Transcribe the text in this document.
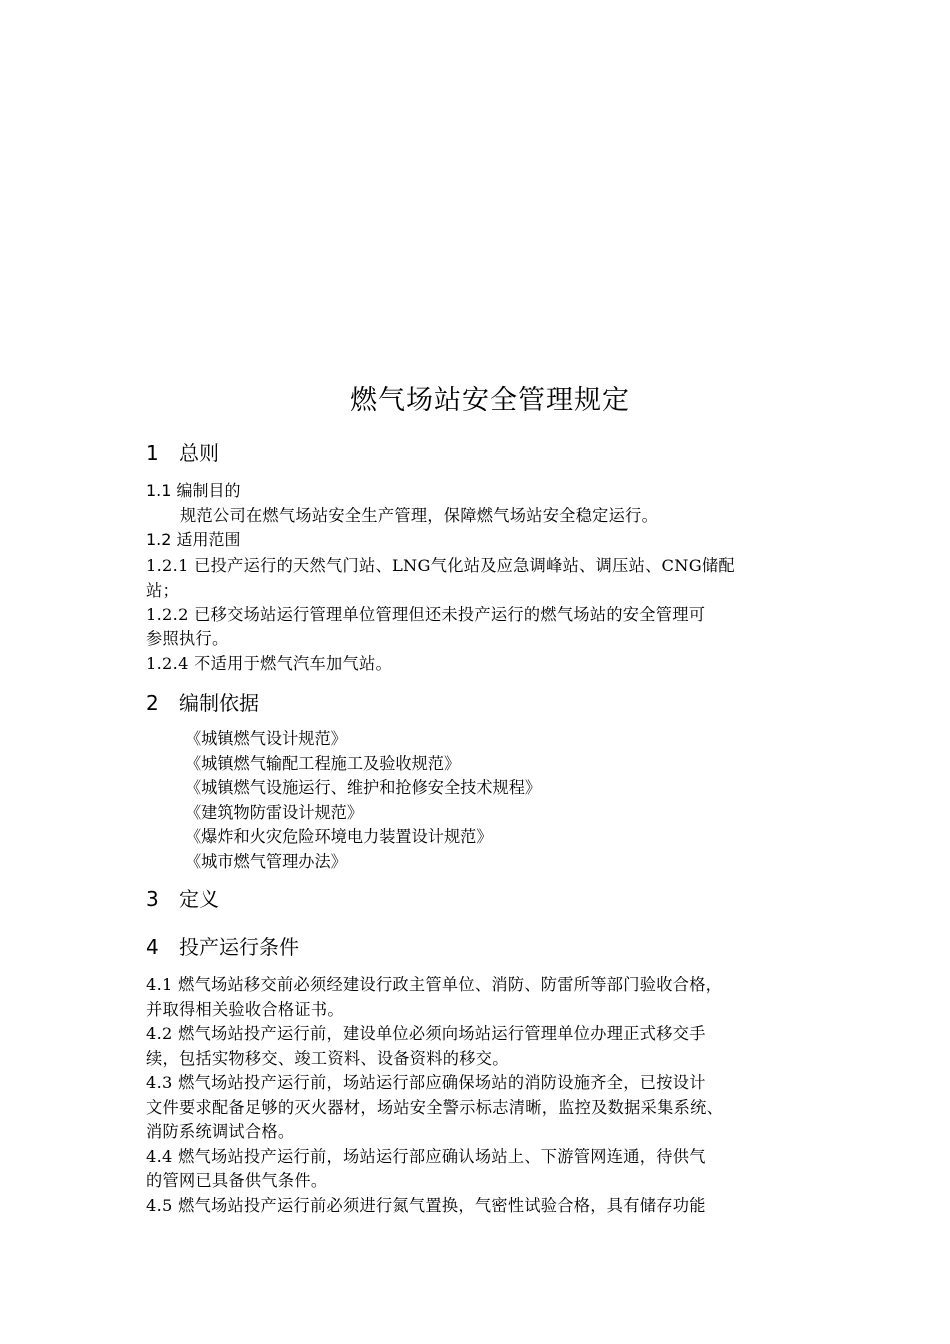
燃气场站安全管理规定
1 总则
1.1 编制目的
规范公司在燃气场站安全生产管理，保障燃气场站安全稳定运行。
1.2 适用范围
1.2.1 已投产运行的天然气门站、LNG气化站及应急调峰站、调压站、CNG储配
站；
1.2.2 已移交场站运行管理单位管理但还未投产运行的燃气场站的安全管理可
参照执行。
1.2.4 不适用于燃气汽车加气站。
2 编制依据
《城镇燃气设计规范》
《城镇燃气输配工程施工及验收规范》
《城镇燃气设施运行、维护和抢修安全技术规程》
《建筑物防雷设计规范》
《爆炸和火灾危险环境电力装置设计规范》
《城市燃气管理办法》
3 定义
4 投产运行条件
4.1 燃气场站移交前必须经建设行政主管单位、消防、防雷所等部门验收合格，
并取得相关验收合格证书。
4.2 燃气场站投产运行前，建设单位必须向场站运行管理单位办理正式移交手
续，包括实物移交、竣工资料、设备资料的移交。
4.3 燃气场站投产运行前，场站运行部应确保场站的消防设施齐全，已按设计
文件要求配备足够的灭火器材，场站安全警示标志清晰，监控及数据采集系统、
消防系统调试合格。
4.4 燃气场站投产运行前，场站运行部应确认场站上、下游管网连通，待供气
的管网已具备供气条件。
4.5 燃气场站投产运行前必须进行氮气置换，气密性试验合格，具有储存功能
